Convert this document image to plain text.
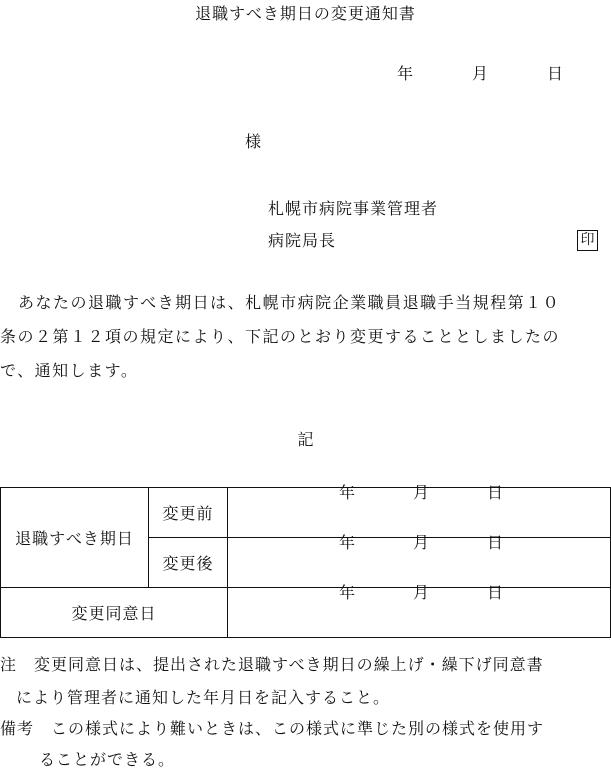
退職すべき期日の変更通知書
年	月	日
様
札幌市病院事業管理者
病院局長	印
あなたの退職すべき期日は、札幌市病院企業職員退職手当規程第１０
条の２第１２項の規定により、下記のとおり変更することとしましたの
で、通知します。
記
退職すべき期日	変更前	年 月 日

	変更後	年 月 日

変更同意日		年 月 日
注　変更同意日は、提出された退職すべき期日の繰上げ・繰下げ同意書
により管理者に通知した年月日を記入すること。
備考　この様式により難いときは、この様式に準じた別の様式を使用す
ることができる。
